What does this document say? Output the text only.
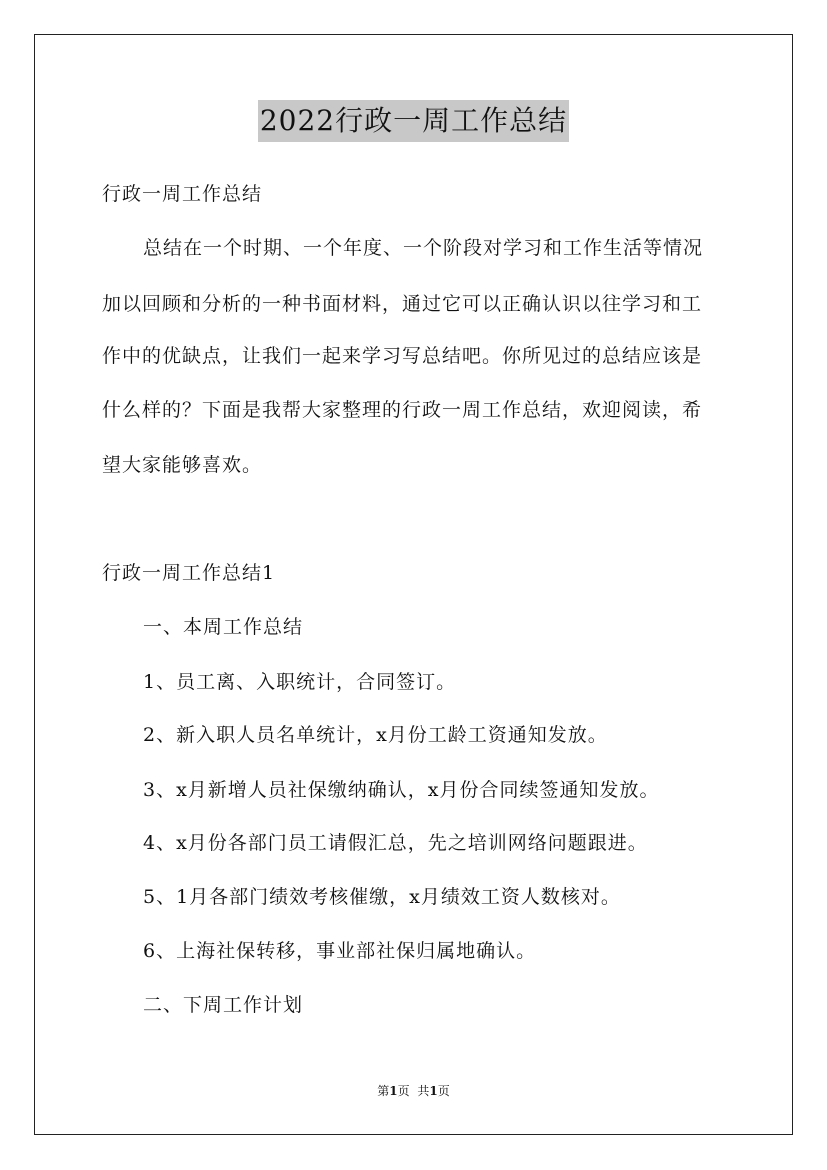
2022行政一周工作总结
行政一周工作总结
总结在一个时期、一个年度、一个阶段对学习和工作生活等情况
加以回顾和分析的一种书面材料，通过它可以正确认识以往学习和工
作中的优缺点，让我们一起来学习写总结吧。你所见过的总结应该是
什么样的？下面是我帮大家整理的行政一周工作总结，欢迎阅读，希
望大家能够喜欢。
行政一周工作总结1
一、本周工作总结
1、员工离、入职统计，合同签订。
2、新入职人员名单统计，x月份工龄工资通知发放。
3、x月新增人员社保缴纳确认，x月份合同续签通知发放。
4、x月份各部门员工请假汇总，先之培训网络问题跟进。
5、1月各部门绩效考核催缴，x月绩效工资人数核对。
6、上海社保转移，事业部社保归属地确认。
二、下周工作计划
第1页 共1页
